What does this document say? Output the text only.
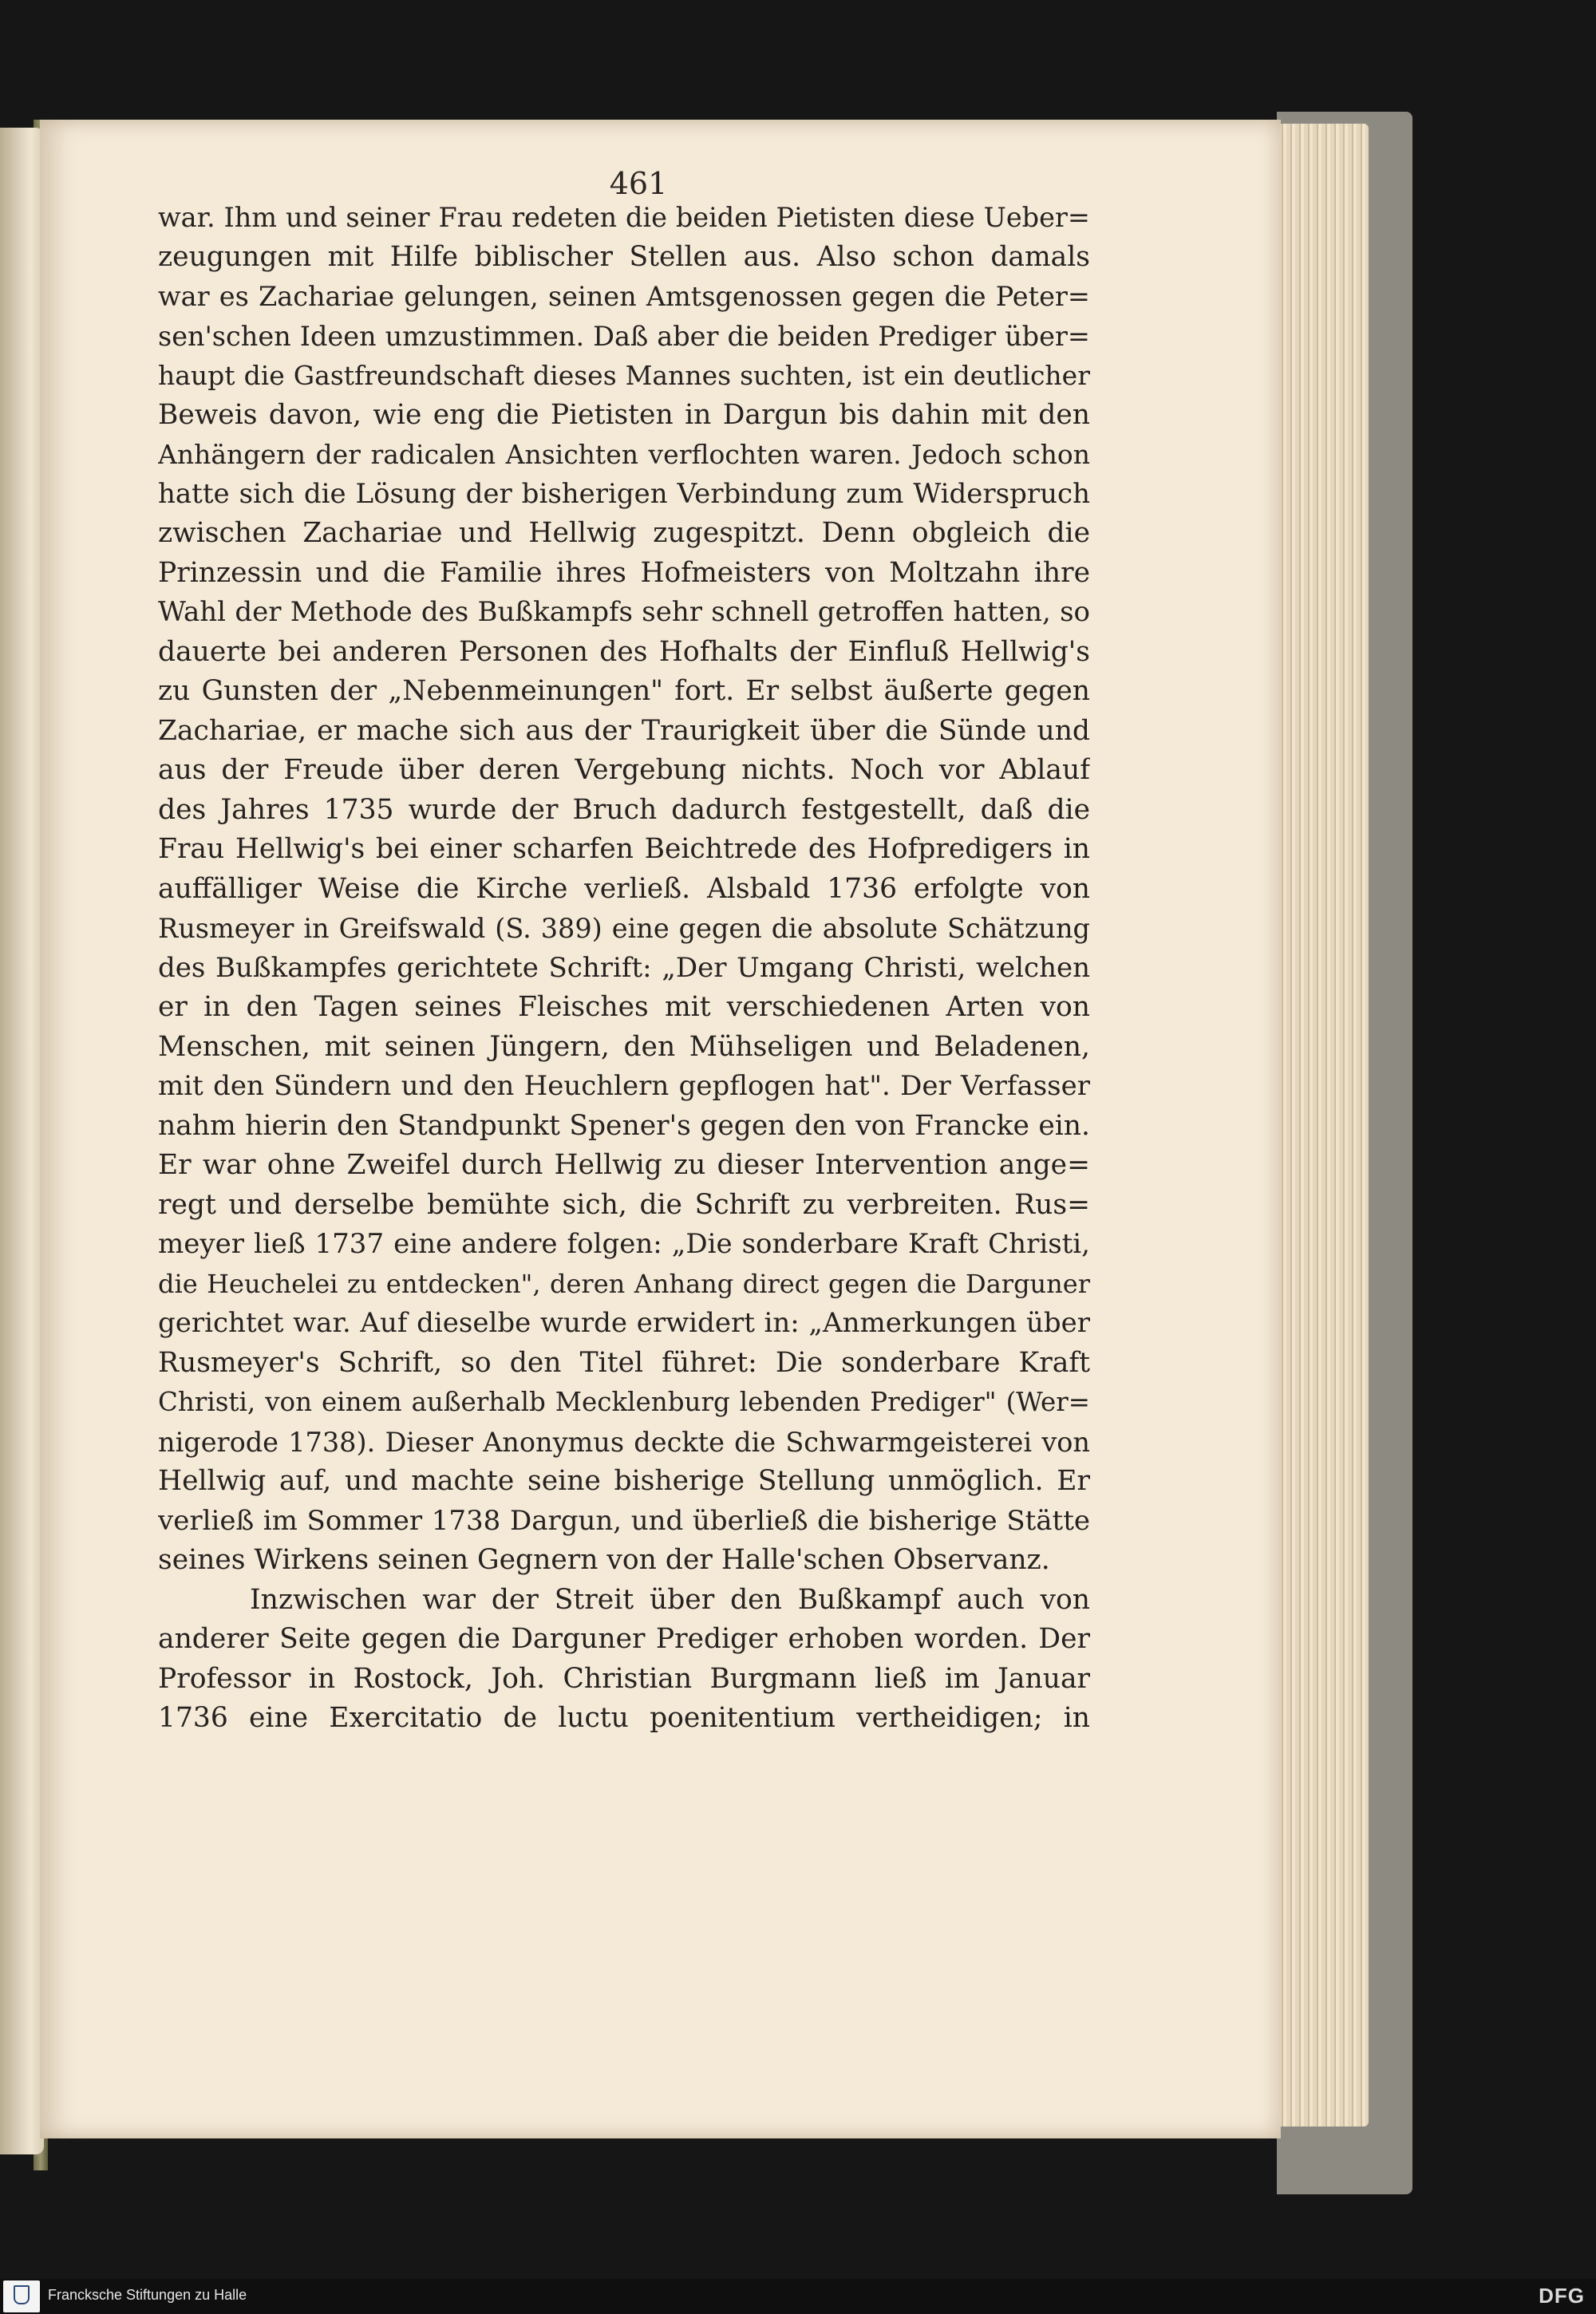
461
war. Ihm und seiner Frau redeten die beiden Pietisten diese Ueber=
zeugungen mit Hilfe biblischer Stellen aus. Also schon damals
war es Zachariae gelungen, seinen Amtsgenossen gegen die Peter=
sen'schen Ideen umzustimmen. Daß aber die beiden Prediger über=
haupt die Gastfreundschaft dieses Mannes suchten, ist ein deutlicher
Beweis davon, wie eng die Pietisten in Dargun bis dahin mit den
Anhängern der radicalen Ansichten verflochten waren. Jedoch schon
hatte sich die Lösung der bisherigen Verbindung zum Widerspruch
zwischen Zachariae und Hellwig zugespitzt. Denn obgleich die
Prinzessin und die Familie ihres Hofmeisters von Moltzahn ihre
Wahl der Methode des Bußkampfs sehr schnell getroffen hatten, so
dauerte bei anderen Personen des Hofhalts der Einfluß Hellwig's
zu Gunsten der „Nebenmeinungen" fort. Er selbst äußerte gegen
Zachariae, er mache sich aus der Traurigkeit über die Sünde und
aus der Freude über deren Vergebung nichts. Noch vor Ablauf
des Jahres 1735 wurde der Bruch dadurch festgestellt, daß die
Frau Hellwig's bei einer scharfen Beichtrede des Hofpredigers in
auffälliger Weise die Kirche verließ. Alsbald 1736 erfolgte von
Rusmeyer in Greifswald (S. 389) eine gegen die absolute Schätzung
des Bußkampfes gerichtete Schrift: „Der Umgang Christi, welchen
er in den Tagen seines Fleisches mit verschiedenen Arten von
Menschen, mit seinen Jüngern, den Mühseligen und Beladenen,
mit den Sündern und den Heuchlern gepflogen hat". Der Verfasser
nahm hierin den Standpunkt Spener's gegen den von Francke ein.
Er war ohne Zweifel durch Hellwig zu dieser Intervention ange=
regt und derselbe bemühte sich, die Schrift zu verbreiten. Rus=
meyer ließ 1737 eine andere folgen: „Die sonderbare Kraft Christi,
die Heuchelei zu entdecken", deren Anhang direct gegen die Darguner
gerichtet war. Auf dieselbe wurde erwidert in: „Anmerkungen über
Rusmeyer's Schrift, so den Titel führet: Die sonderbare Kraft
Christi, von einem außerhalb Mecklenburg lebenden Prediger" (Wer=
nigerode 1738). Dieser Anonymus deckte die Schwarmgeisterei von
Hellwig auf, und machte seine bisherige Stellung unmöglich. Er
verließ im Sommer 1738 Dargun, und überließ die bisherige Stätte
seines Wirkens seinen Gegnern von der Halle'schen Observanz.
Inzwischen war der Streit über den Bußkampf auch von
anderer Seite gegen die Darguner Prediger erhoben worden. Der
Professor in Rostock, Joh. Christian Burgmann ließ im Januar
1736 eine Exercitatio de luctu poenitentium vertheidigen; in
Francksche Stiftungen zu Halle	DFG
